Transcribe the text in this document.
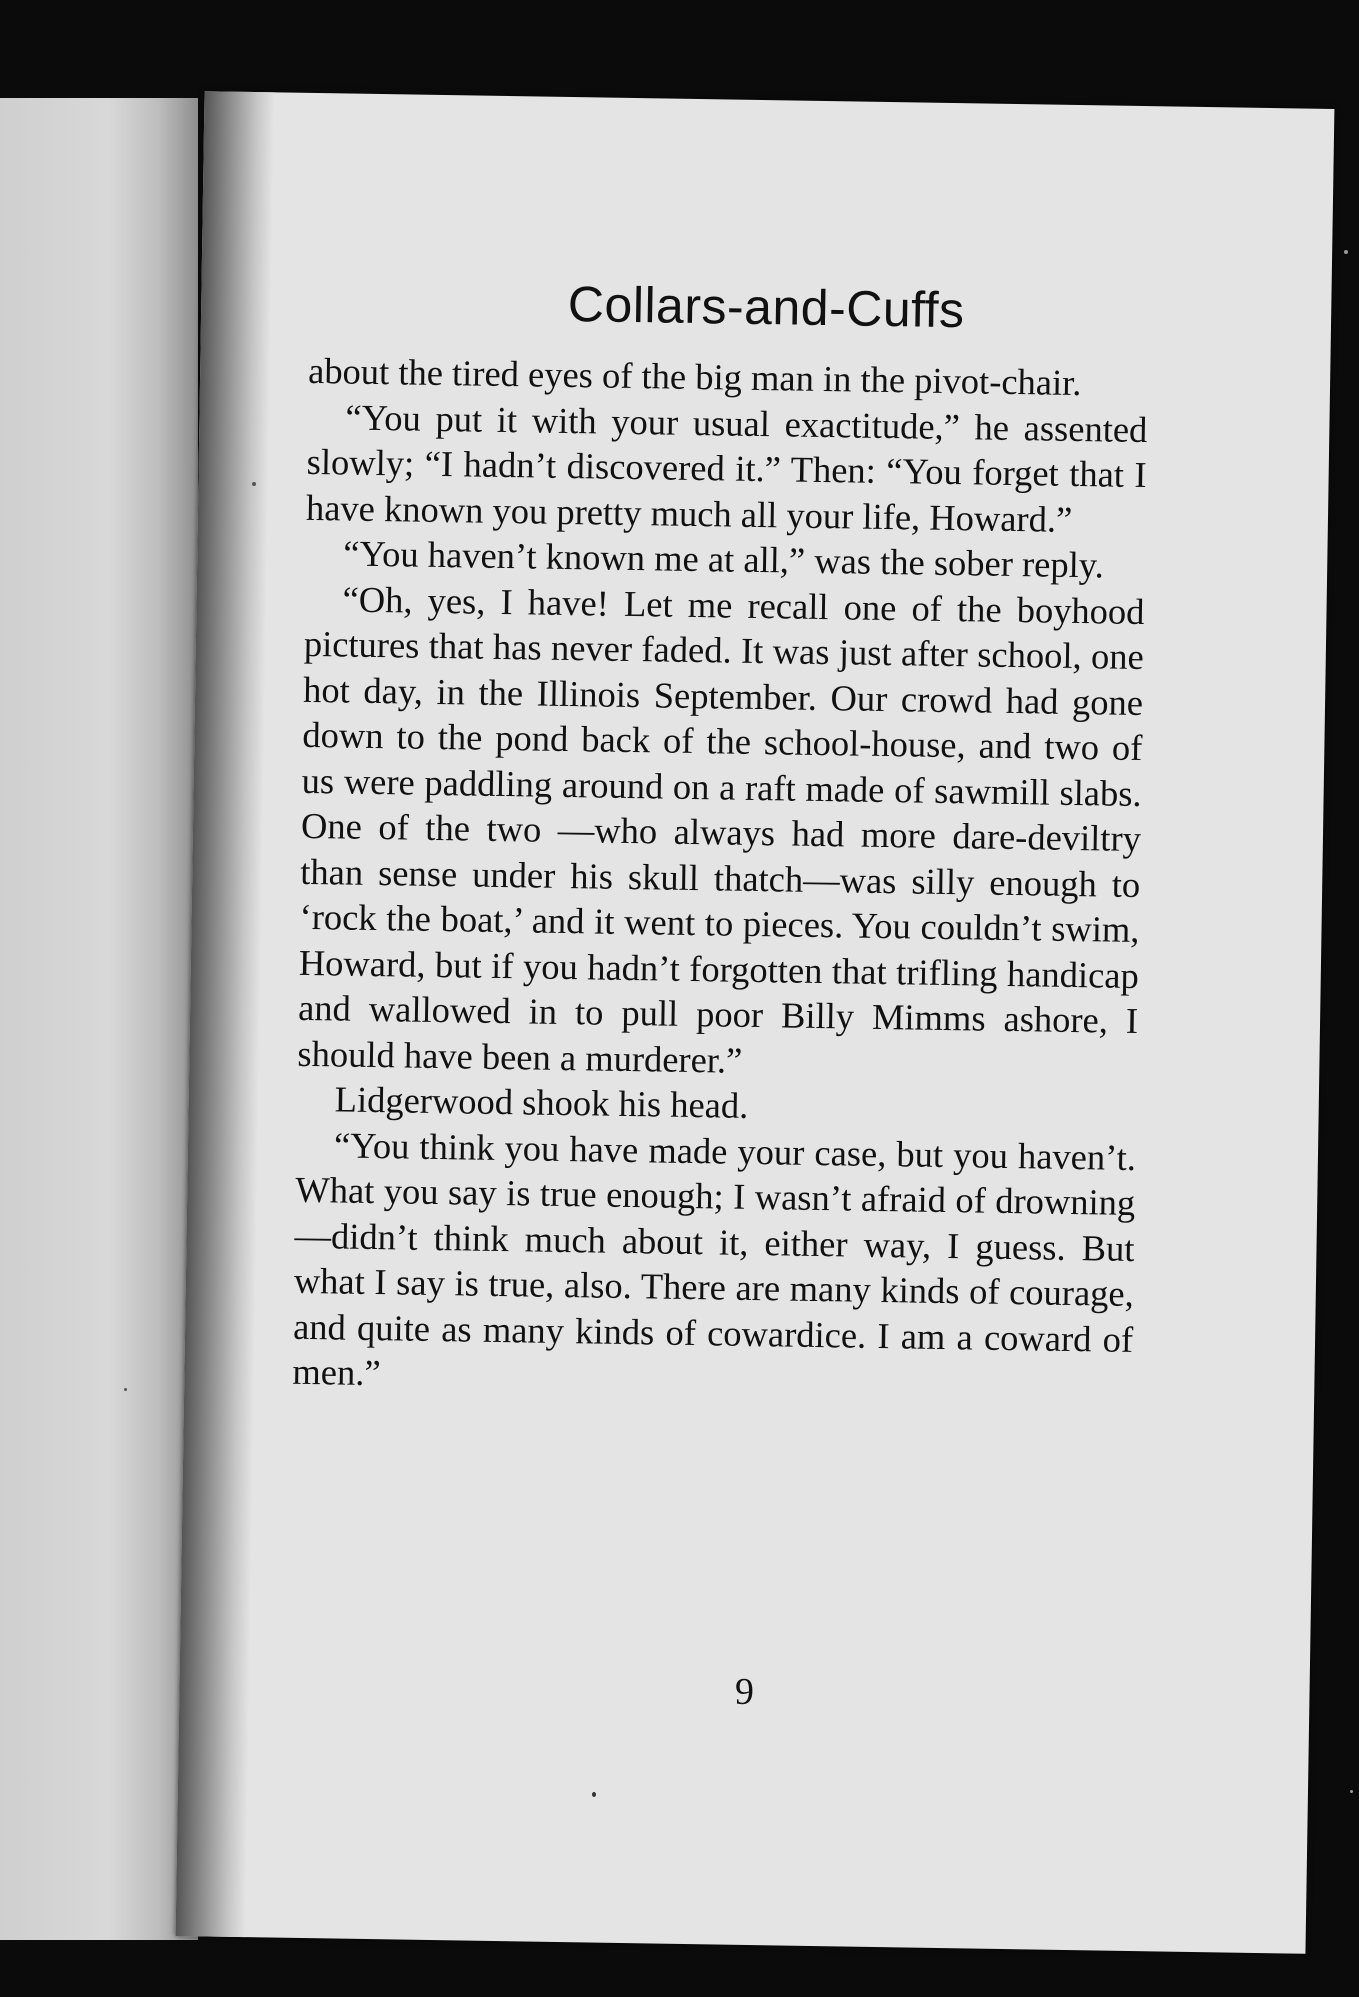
Collars-and-Cuffs

about the tired eyes of the big man in the pivot-chair.

“You put it with your usual exactitude,” he assented slowly; “I hadn’t discovered it.” Then: “You forget that I have known you pretty much all your life, Howard.”

“You haven’t known me at all,” was the sober reply.

“Oh, yes, I have! Let me recall one of the boyhood pictures that has never faded. It was just after school, one hot day, in the Illinois September. Our crowd had gone down to the pond back of the school-house, and two of us were paddling around on a raft made of sawmill slabs. One of the two —who always had more dare-deviltry than sense under his skull thatch—was silly enough to ‘rock the boat,’ and it went to pieces. You couldn’t swim, Howard, but if you hadn’t forgotten that trifling handicap and wallowed in to pull poor Billy Mimms ashore, I should have been a murderer.”

Lidgerwood shook his head.

“You think you have made your case, but you haven’t. What you say is true enough; I wasn’t afraid of drowning—didn’t think much about it, either way, I guess. But what I say is true, also. There are many kinds of courage, and quite as many kinds of cowardice. I am a coward of men.”

9
